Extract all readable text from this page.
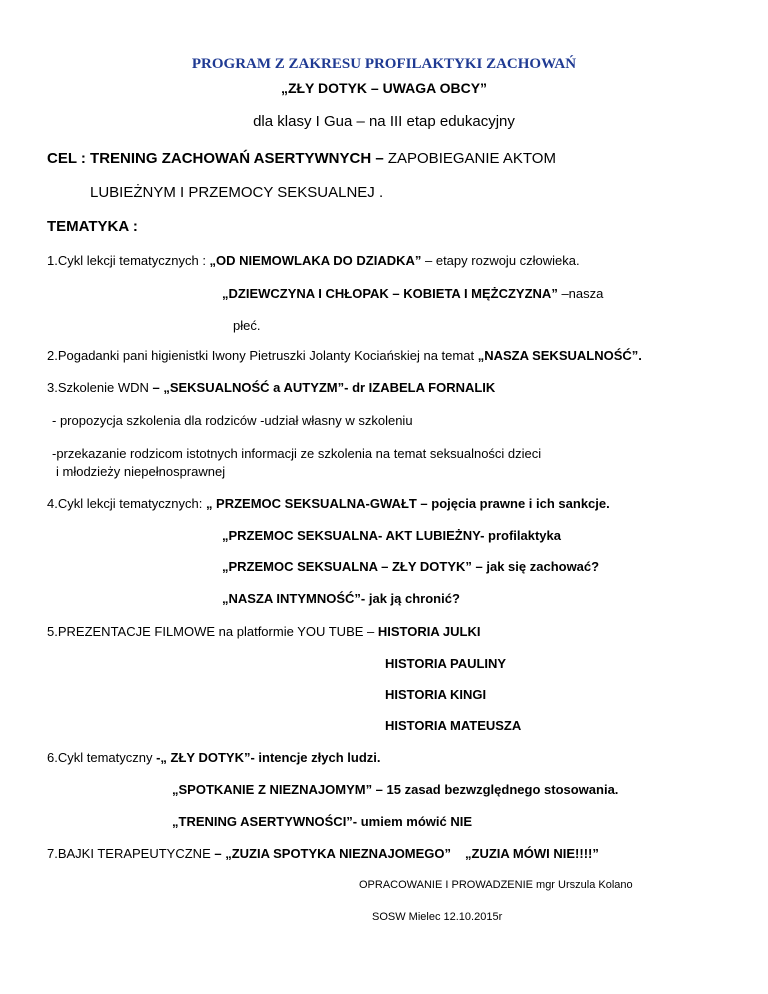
PROGRAM Z ZAKRESU PROFILAKTYKI ZACHOWAŃ
„ZŁY DOTYK – UWAGA OBCY”
dla klasy I Gua – na III etap edukacyjny
CEL : TRENING ZACHOWAŃ ASERTYWNYCH – ZAPOBIEGANIE AKTOM
LUBIEŻNYM I PRZEMOCY SEKSUALNEJ .
TEMATYKA :
1.Cykl lekcji tematycznych : „OD NIEMOWLAKA DO DZIADKA” – etapy rozwoju człowieka.
„DZIEWCZYNA I CHŁOPAK – KOBIETA I MĘŻCZYZNA” –nasza
płeć.
2.Pogadanki pani higienistki Iwony Pietruszki Jolanty Kociańskiej na temat „NASZA SEKSUALNOŚĆ”.
3.Szkolenie WDN – „SEKSUALNOŚĆ a AUTYZM”- dr IZABELA FORNALIK
- propozycja szkolenia dla rodziców -udział własny w szkoleniu
-przekazanie rodzicom istotnych informacji ze szkolenia na temat seksualności dzieci
i młodzieży niepełnosprawnej
4.Cykl lekcji tematycznych: „ PRZEMOC SEKSUALNA-GWAŁT – pojęcia prawne i ich sankcje.
„PRZEMOC SEKSUALNA- AKT LUBIEŻNY- profilaktyka
„PRZEMOC SEKSUALNA – ZŁY DOTYK” – jak się zachować?
„NASZA INTYMNOŚĆ”- jak ją chronić?
5.PREZENTACJE FILMOWE na platformie YOU TUBE – HISTORIA JULKI
HISTORIA PAULINY
HISTORIA KINGI
HISTORIA MATEUSZA
6.Cykl tematyczny -„ ZŁY DOTYK”- intencje złych ludzi.
„SPOTKANIE Z NIEZNAJOMYM” – 15 zasad bezwzględnego stosowania.
„TRENING ASERTYWNOŚCI”- umiem mówić NIE
7.BAJKI TERAPEUTYCZNE – „ZUZIA SPOTYKA NIEZNAJOMEGO” „ZUZIA MÓWI NIE!!!!”
OPRACOWANIE I PROWADZENIE mgr Urszula Kolano
SOSW Mielec 12.10.2015r
